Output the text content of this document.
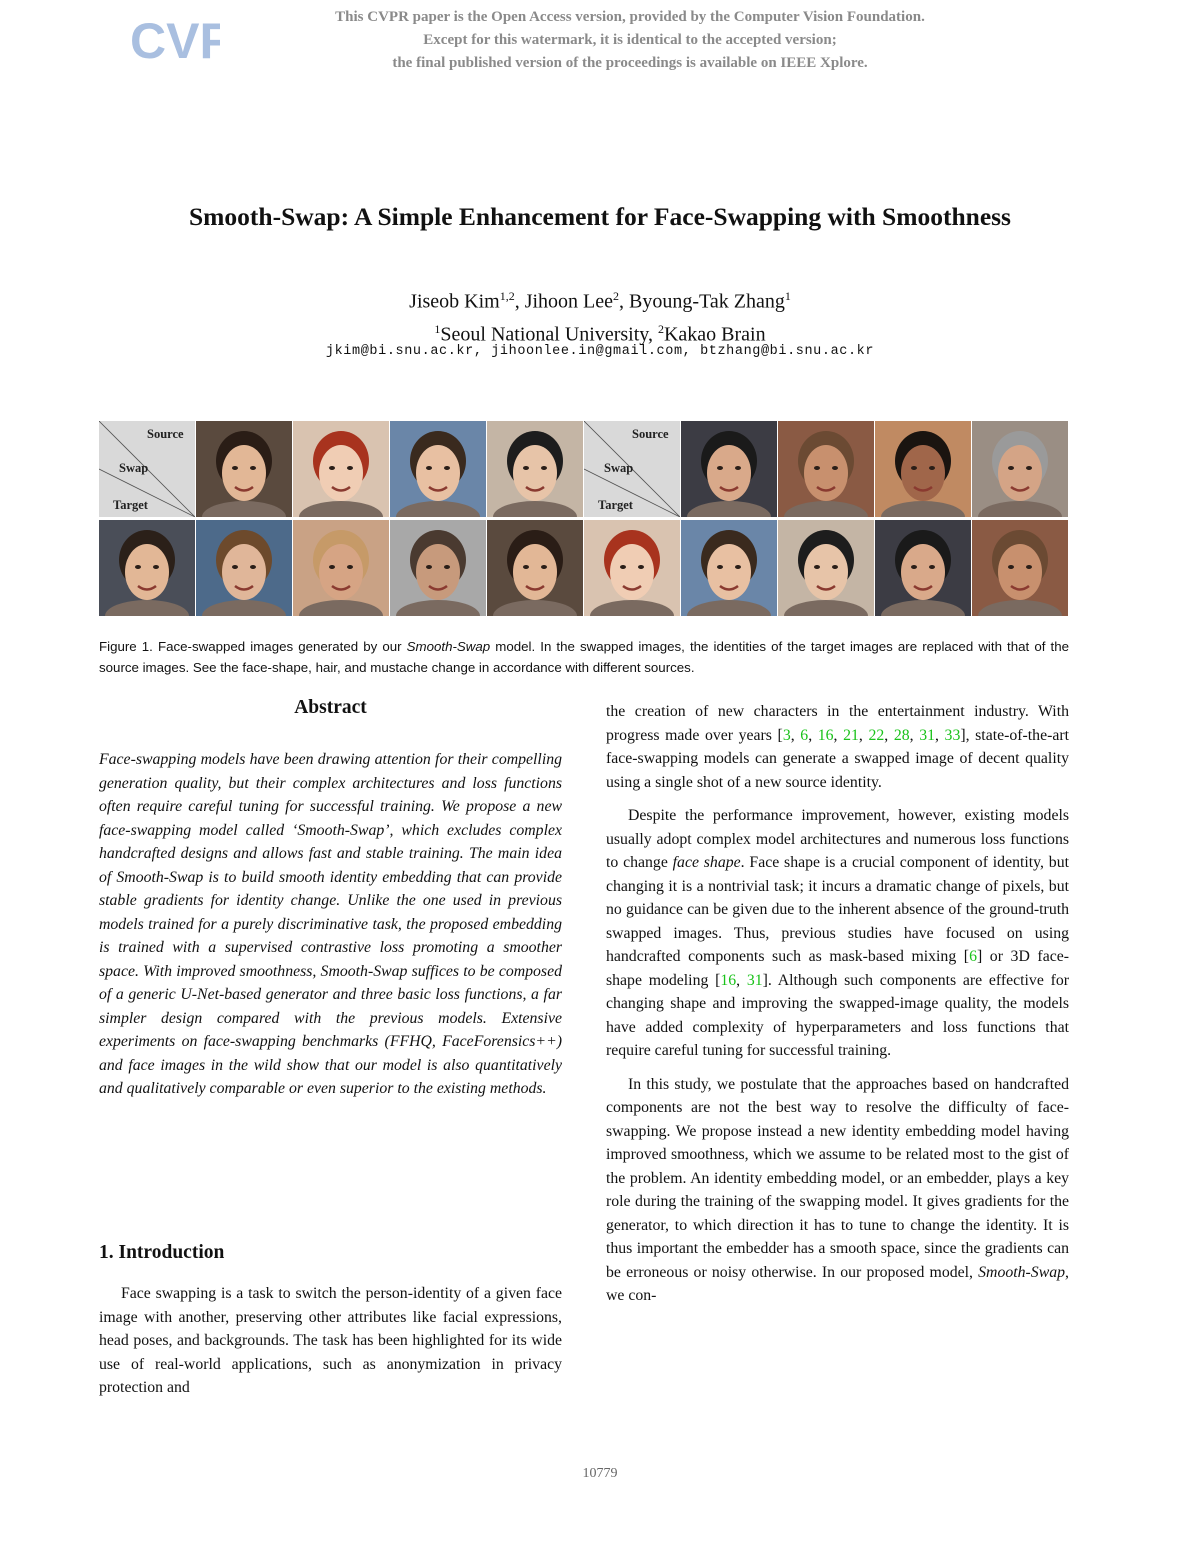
CVF	This CVPR paper is the Open Access version, provided by the Computer Vision Foundation.
Except for this watermark, it is identical to the accepted version;
the final published version of the proceedings is available on IEEE Xplore.
Smooth-Swap: A Simple Enhancement for Face-Swapping with Smoothness
Jiseob Kim$^{1,2}$, Jihoon Lee$^2$, Byoung-Tak Zhang$^1$
$^1$Seoul National University, $^2$Kakao Brain
jkim@bi.snu.ac.kr, jihoonlee.in@gmail.com, btzhang@bi.snu.ac.kr
Source
Swap
Target
Source
Swap
Target
Figure 1. Face-swapped images generated by our Smooth-Swap model. In the swapped images, the identities of the target images are replaced with that of the source images. See the face-shape, hair, and mustache change in accordance with different sources.
Abstract
Face-swapping models have been drawing attention for their compelling generation quality, but their complex architectures and loss functions often require careful tuning for successful training. We propose a new face-swapping model called ‘Smooth-Swap’, which excludes complex handcrafted designs and allows fast and stable training. The main idea of Smooth-Swap is to build smooth identity embedding that can provide stable gradients for identity change. Unlike the one used in previous models trained for a purely discriminative task, the proposed embedding is trained with a supervised contrastive loss promoting a smoother space. With improved smoothness, Smooth-Swap suffices to be composed of a generic U-Net-based generator and three basic loss functions, a far simpler design compared with the previous models. Extensive experiments on face-swapping benchmarks (FFHQ, FaceForensics++) and face images in the wild show that our model is also quantitatively and qualitatively comparable or even superior to the existing methods.
1. Introduction
Face swapping is a task to switch the person-identity of a given face image with another, preserving other attributes like facial expressions, head poses, and backgrounds. The task has been highlighted for its wide use of real-world applications, such as anonymization in privacy protection and

the creation of new characters in the entertainment industry. With progress made over years [3, 6, 16, 21, 22, 28, 31, 33], state-of-the-art face-swapping models can generate a swapped image of decent quality using a single shot of a new source identity.

Despite the performance improvement, however, existing models usually adopt complex model architectures and numerous loss functions to change face shape. Face shape is a crucial component of identity, but changing it is a nontrivial task; it incurs a dramatic change of pixels, but no guidance can be given due to the inherent absence of the ground-truth swapped images. Thus, previous studies have focused on using handcrafted components such as mask-based mixing [6] or 3D face-shape modeling [16, 31]. Although such components are effective for changing shape and improving the swapped-image quality, the models have added complexity of hyperparameters and loss functions that require careful tuning for successful training.

In this study, we postulate that the approaches based on handcrafted components are not the best way to resolve the difficulty of face-swapping. We propose instead a new identity embedding model having improved smoothness, which we assume to be related most to the gist of the problem. An identity embedding model, or an embedder, plays a key role during the training of the swapping model. It gives gradients for the generator, to which direction it has to tune to change the identity. It is thus important the embedder has a smooth space, since the gradients can be erroneous or noisy otherwise. In our proposed model, Smooth-Swap, we con-

10779
